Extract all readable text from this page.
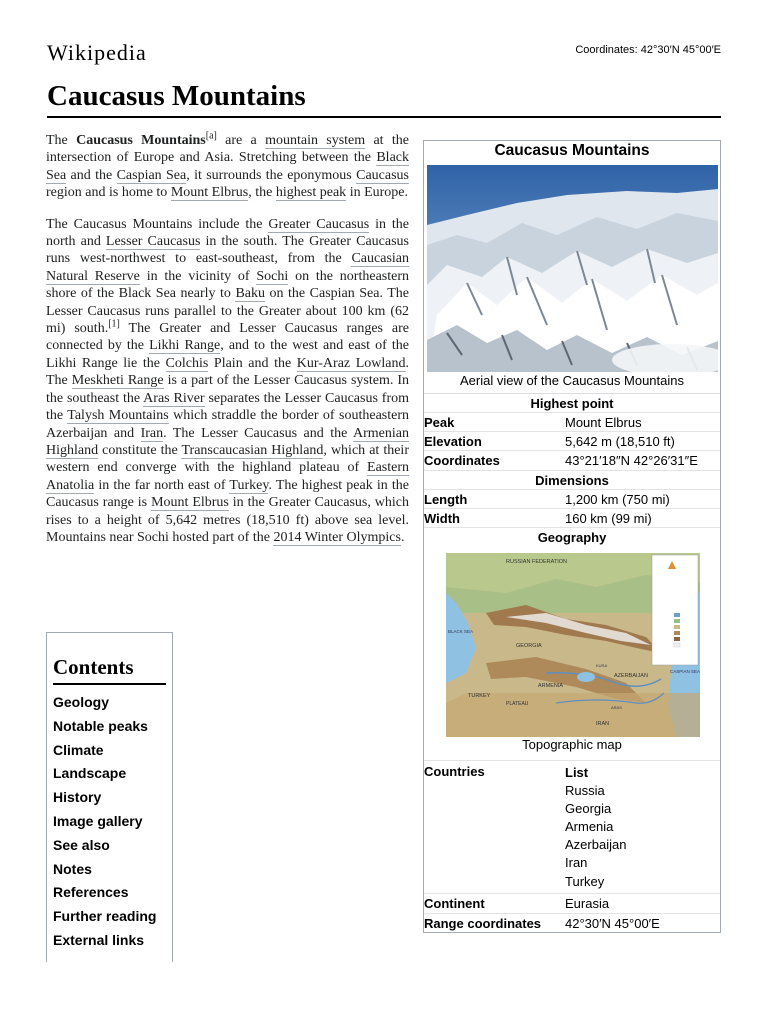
Wikipedia	Coordinates: 42°30′N 45°00′E
Caucasus Mountains

The Caucasus Mountains[a] are a mountain system at the intersection of Europe and Asia. Stretching between the Black Sea and the Caspian Sea, it surrounds the eponymous Caucasus region and is home to Mount Elbrus, the highest peak in Europe.

The Caucasus Mountains include the Greater Caucasus in the north and Lesser Caucasus in the south. The Greater Caucasus runs west-northwest to east-southeast, from the Caucasian Natural Reserve in the vicinity of Sochi on the northeastern shore of the Black Sea nearly to Baku on the Caspian Sea. The Lesser Caucasus runs parallel to the Greater about 100 km (62 mi) south.[1] The Greater and Lesser Caucasus ranges are connected by the Likhi Range, and to the west and east of the Likhi Range lie the Colchis Plain and the Kur-Araz Lowland. The Meskheti Range is a part of the Lesser Caucasus system. In the southeast the Aras River separates the Lesser Caucasus from the Talysh Mountains which straddle the border of southeastern Azerbaijan and Iran. The Lesser Caucasus and the Armenian Highland constitute the Transcaucasian Highland, which at their western end converge with the highland plateau of Eastern Anatolia in the far north east of Turkey. The highest peak in the Caucasus range is Mount Elbrus in the Greater Caucasus, which rises to a height of 5,642 metres (18,510 ft) above sea level. Mountains near Sochi hosted part of the 2014 Winter Olympics.

Contents
Geology
Notable peaks
Climate
Landscape
History
Image gallery
See also
Notes
References
Further reading
External links
Caucasus Mountains
Aerial view of the Caucasus Mountains
Highest point
Peak	Mount Elbrus
Elevation	5,642 m (18,510 ft)
Coordinates	43°21′18″N 42°26′31″E
Dimensions
Length	1,200 km (750 mi)
Width	160 km (99 mi)
Geography
RUSSIAN FEDERATION
GEORGIA
ARMENIA
AZERBAIJAN
TURKEY
IRAN
CASPIAN SEA
BLACK SEA
KURA
ARAS
PLATEAU
Topographic map
Countries	List
Russia
Georgia
Armenia
Azerbaijan
Iran
Turkey
Continent	Eurasia
Range coordinates 42°30′N 45°00′E
